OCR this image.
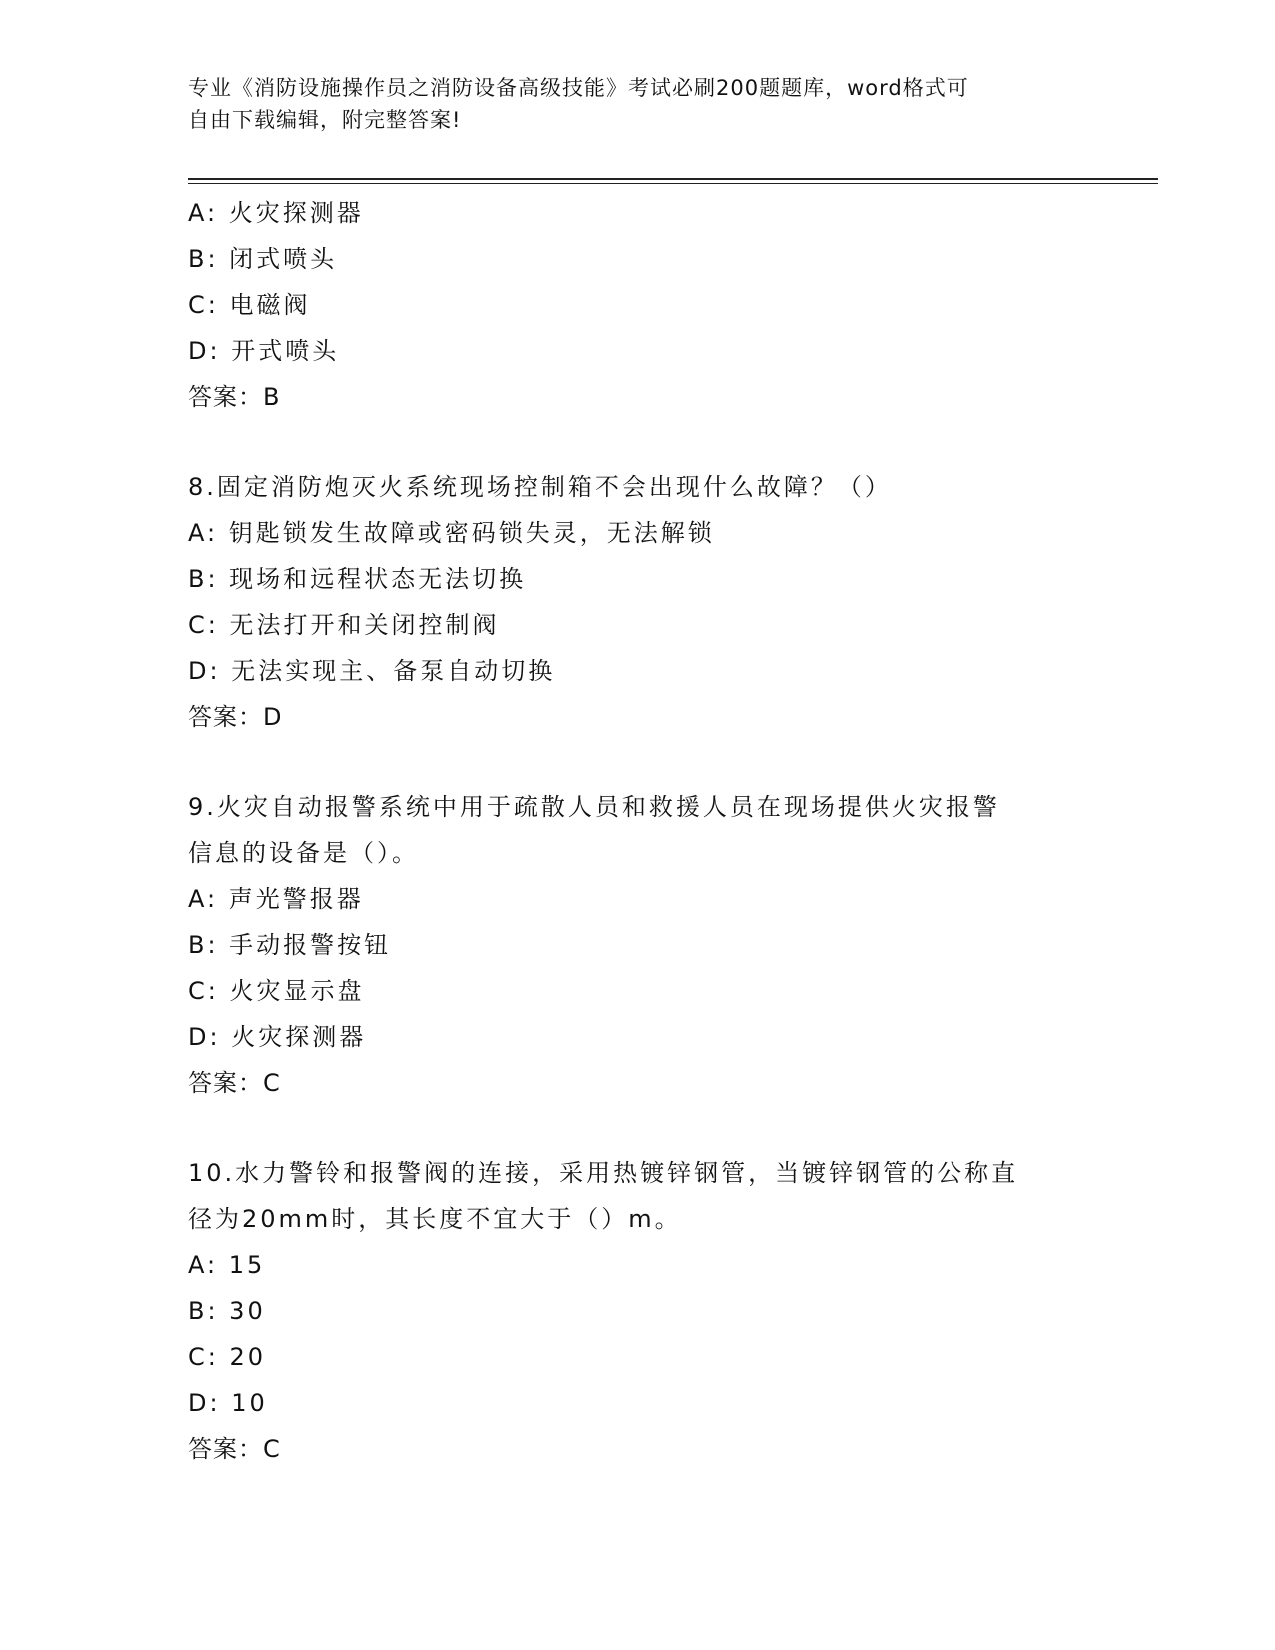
专业《消防设施操作员之消防设备高级技能》考试必刷200题题库，word格式可
自由下载编辑，附完整答案!
A: 火灾探测器
B: 闭式喷头
C: 电磁阀
D: 开式喷头
答案：B
8.固定消防炮灭火系统现场控制箱不会出现什么故障？（）
A: 钥匙锁发生故障或密码锁失灵，无法解锁
B: 现场和远程状态无法切换
C: 无法打开和关闭控制阀
D: 无法实现主、备泵自动切换
答案：D
9.火灾自动报警系统中用于疏散人员和救援人员在现场提供火灾报警
信息的设备是（）。
A: 声光警报器
B: 手动报警按钮
C: 火灾显示盘
D: 火灾探测器
答案：C
10.水力警铃和报警阀的连接，采用热镀锌钢管，当镀锌钢管的公称直
径为20mm时，其长度不宜大于（）m。
A: 15
B: 30
C: 20
D: 10
答案：C
